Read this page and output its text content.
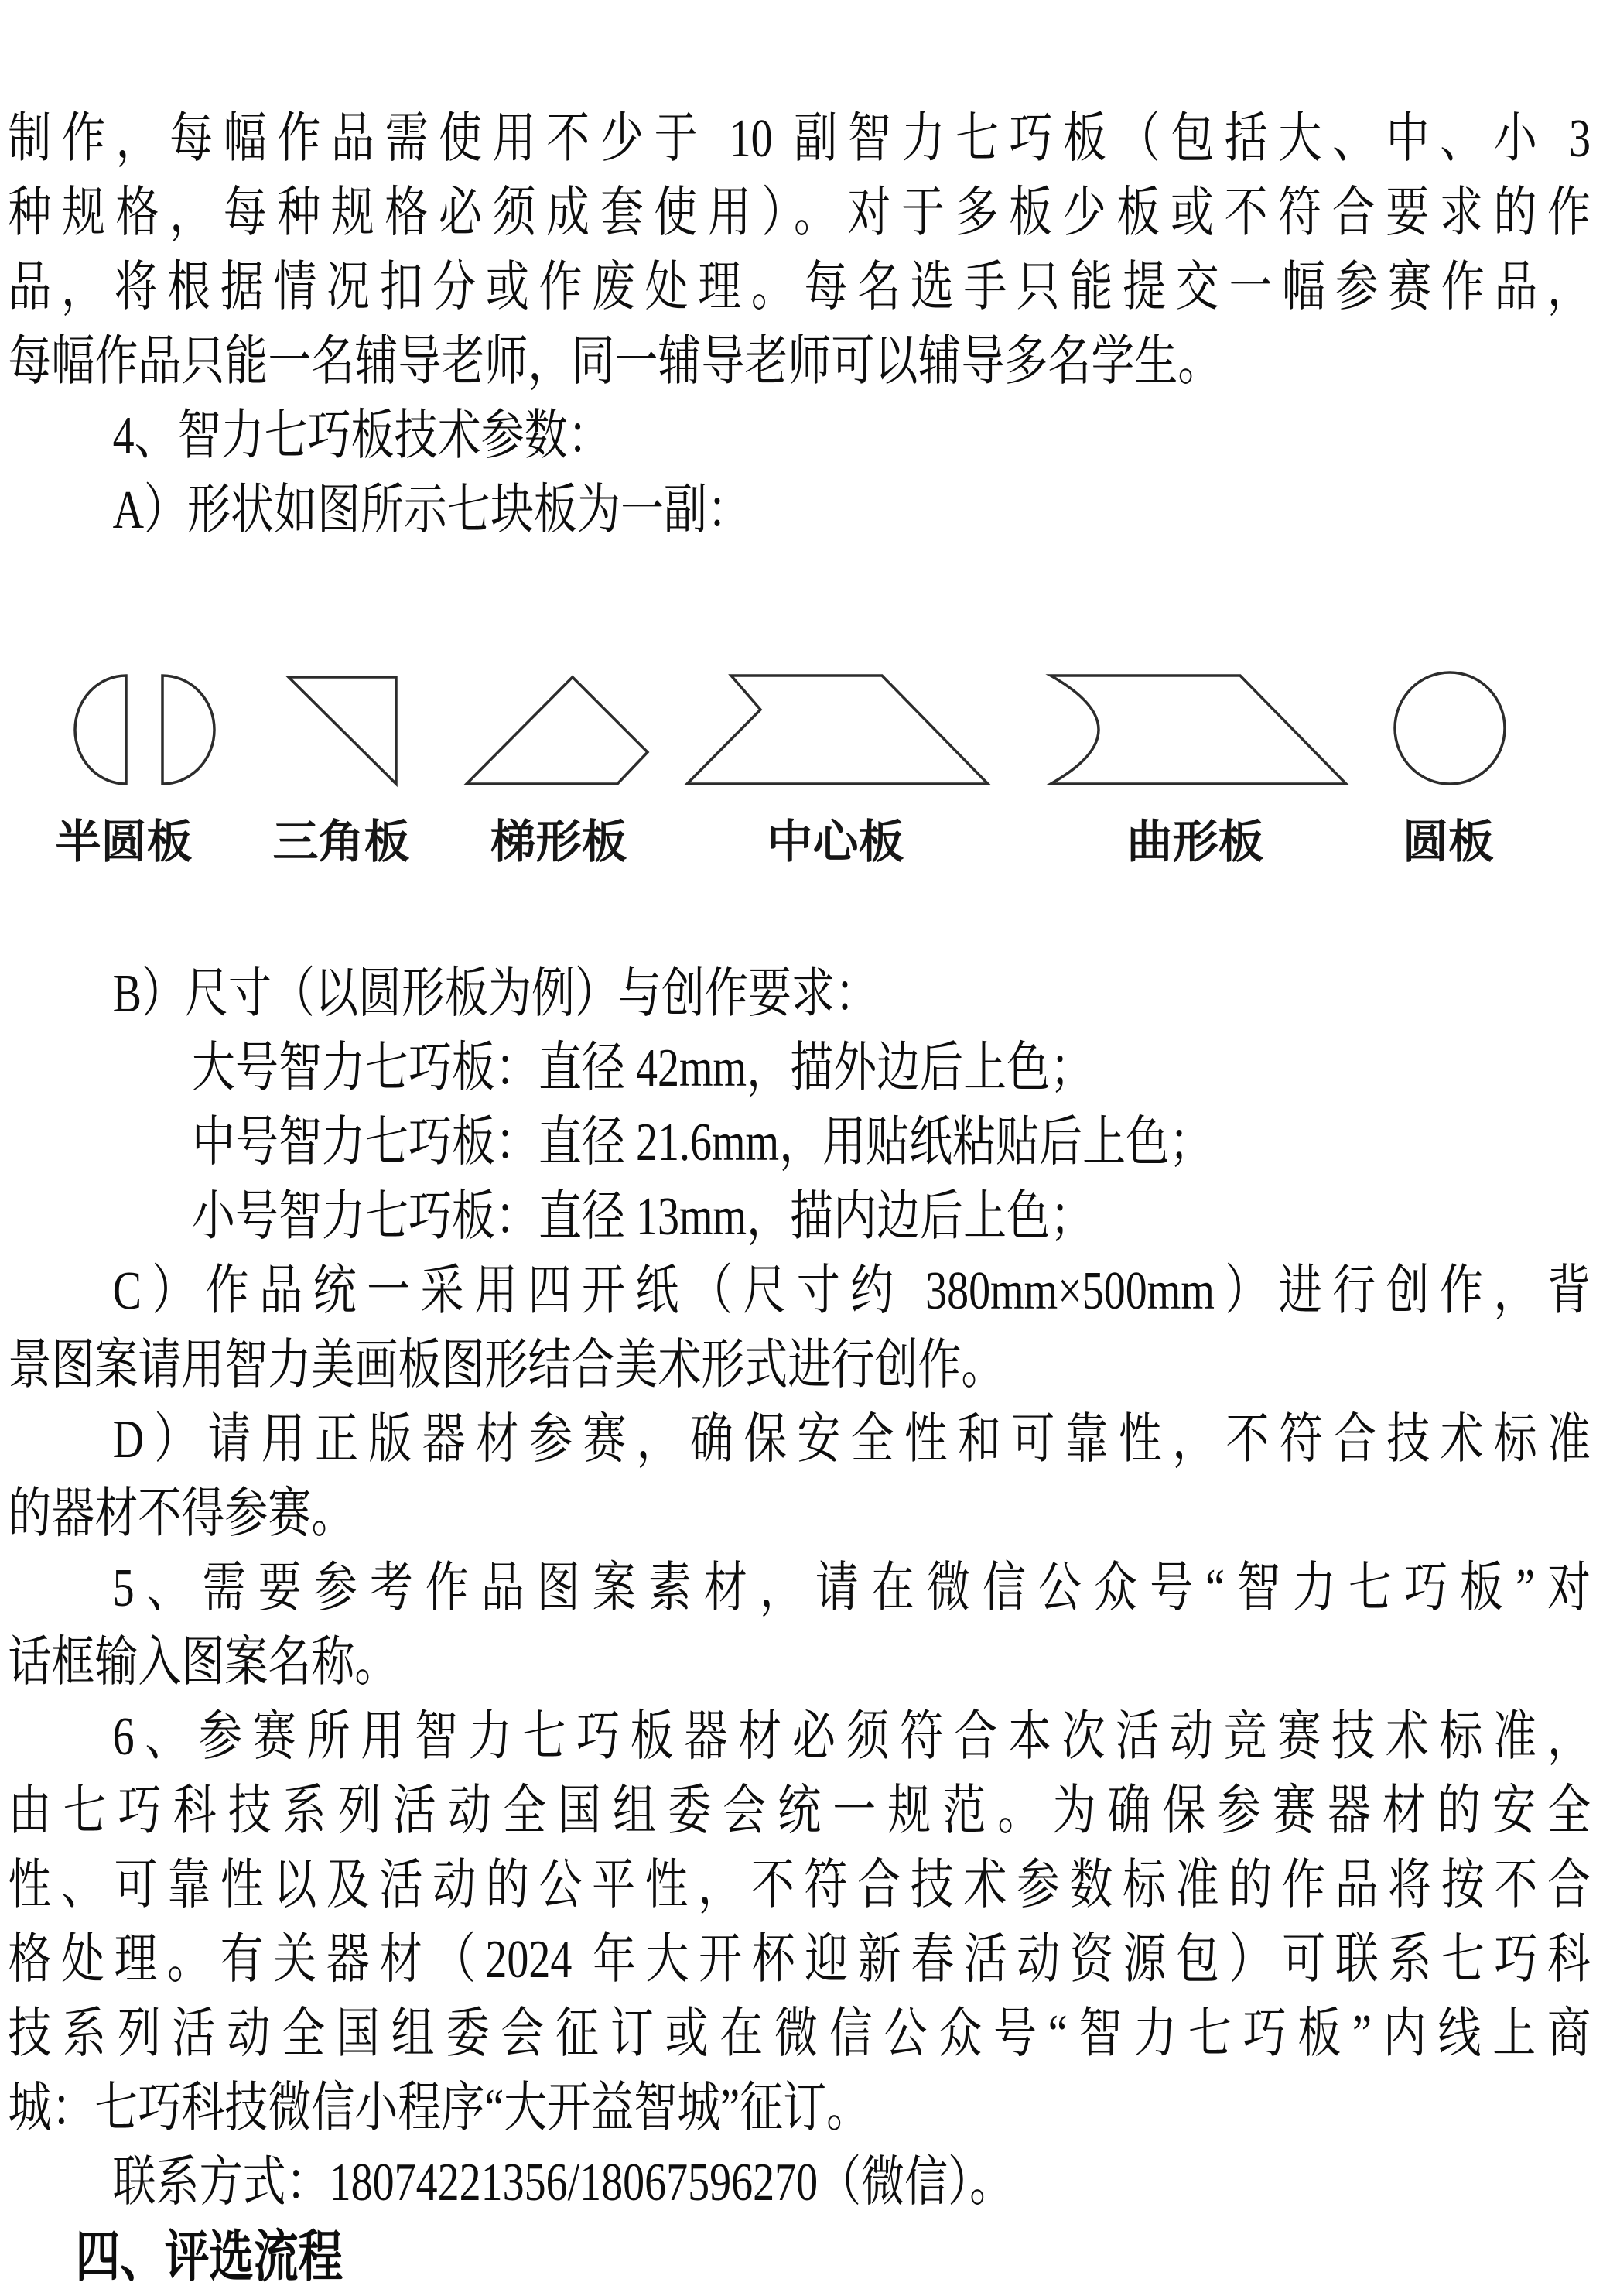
制作，每幅作品需使用不少于 10 副智力七巧板（包括大、中、小 3
种规格，每种规格必须成套使用）。对于多板少板或不符合要求的作
品，将根据情况扣分或作废处理。每名选手只能提交一幅参赛作品，
每幅作品只能一名辅导老师，同一辅导老师可以辅导多名学生。
4、智力七巧板技术参数：
A）形状如图所示七块板为一副：
半圆板 三角板 梯形板	中心板	曲形板	圆板
B）尺寸（以圆形板为例）与创作要求：
大号智力七巧板：直径 42mm，描外边后上色；
中号智力七巧板：直径 21.6mm，用贴纸粘贴后上色；
小号智力七巧板：直径 13mm，描内边后上色；
C）作品统一采用四开纸（尺寸约 380mm×500mm）进行创作，背
景图案请用智力美画板图形结合美术形式进行创作。
D）请用正版器材参赛，确保安全性和可靠性，不符合技术标准
的器材不得参赛。
5、需要参考作品图案素材，请在微信公众号“智力七巧板”对
话框输入图案名称。
6、参赛所用智力七巧板器材必须符合本次活动竞赛技术标准，
由七巧科技系列活动全国组委会统一规范。为确保参赛器材的安全
性、可靠性以及活动的公平性，不符合技术参数标准的作品将按不合
格处理。有关器材（2024 年大开杯迎新春活动资源包）可联系七巧科
技系列活动全国组委会征订或在微信公众号“智力七巧板”内线上商
城：七巧科技微信小程序“大开益智城”征订。
联系方式：18074221356/18067596270（微信）。
四、评选流程
